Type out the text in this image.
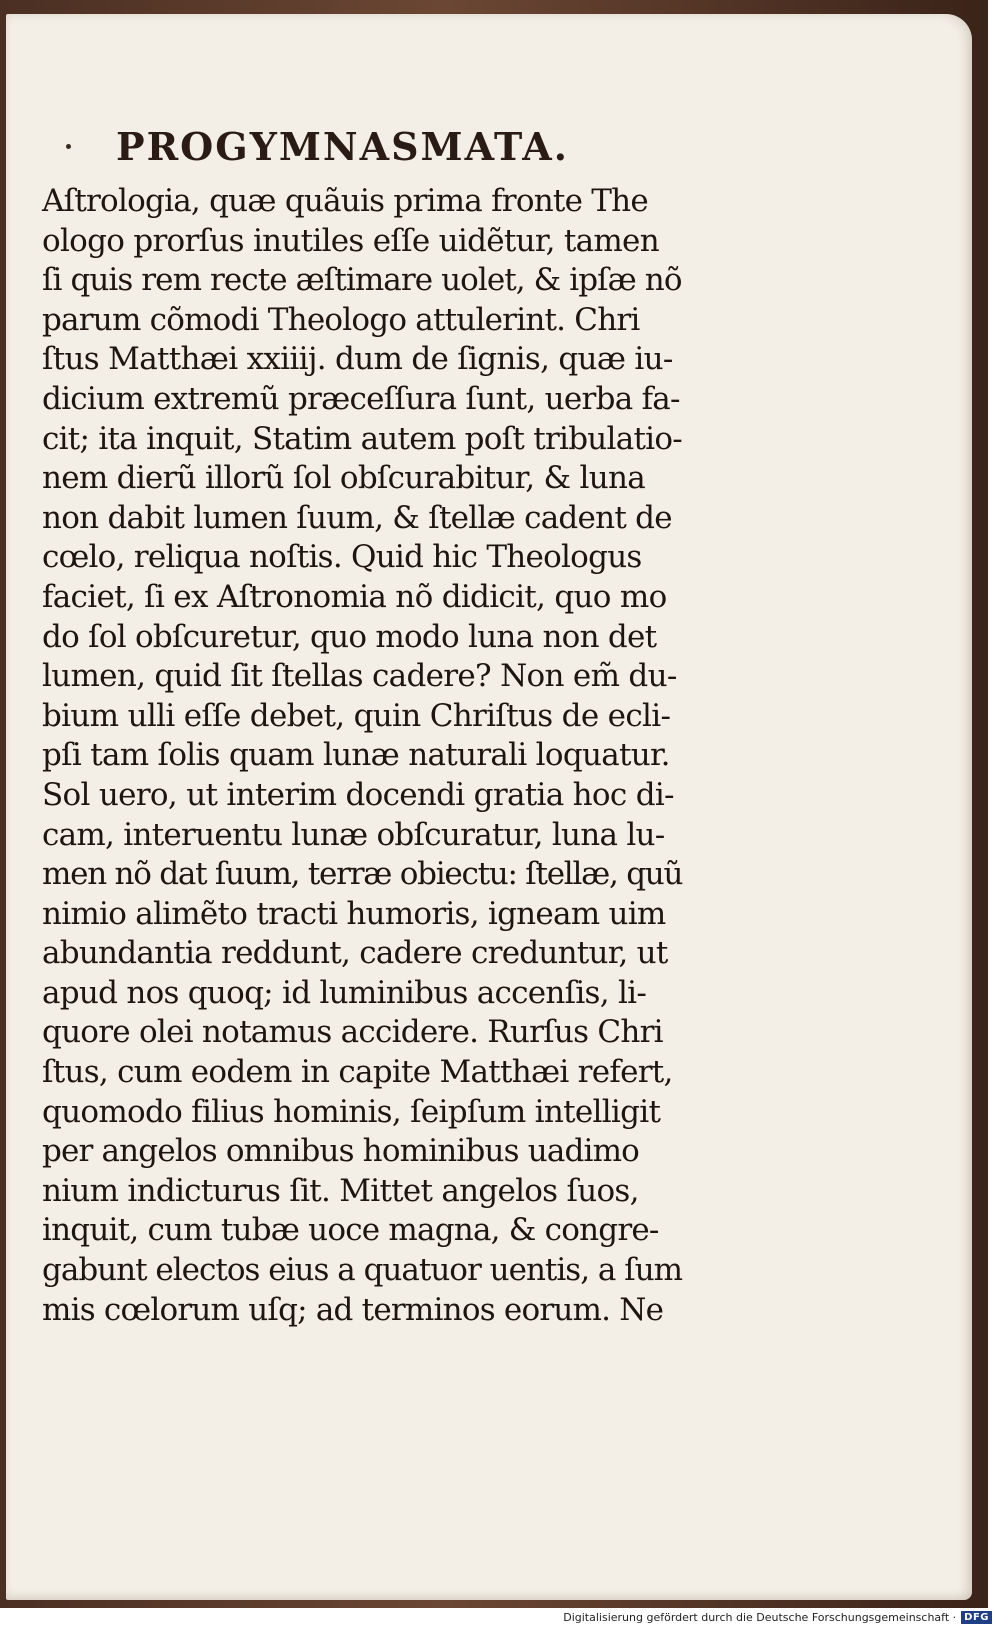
PROGYMNASMATA.
Aſtrologia, quæ quãuis prima fronte The
ologo prorſus inutiles eſſe uidẽtur, tamen
ſi quis rem recte æſtimare uolet, & ipſæ nõ
parum cõmodi Theologo attulerint. Chri
ſtus Matthæi xxiiij. dum de ſignis, quæ iu-
dicium extremũ præceſſura ſunt, uerba fa-
cit; ita inquit, Statim autem poſt tribulatio-
nem dierũ illorũ ſol obſcurabitur, & luna
non dabit lumen ſuum, & ſtellæ cadent de
cœlo, reliqua noſtis. Quid hic Theologus
faciet, ſi ex Aſtronomia nõ didicit, quo mo
do ſol obſcuretur, quo modo luna non det
lumen, quid ſit ſtellas cadere? Non em̃ du-
bium ulli eſſe debet, quin Chriſtus de ecli-
pſi tam ſolis quam lunæ naturali loquatur.
Sol uero, ut interim docendi gratia hoc di-
cam, interuentu lunæ obſcuratur, luna lu-
men nõ dat ſuum, terræ obiectu: ſtellæ, quũ
nimio alimẽto tracti humoris, igneam uim
abundantia reddunt, cadere creduntur, ut
apud nos quoq; id luminibus accenſis, li-
quore olei notamus accidere. Rurſus Chri
ſtus, cum eodem in capite Matthæi refert,
quomodo filius hominis, ſeipſum intelligit
per angelos omnibus hominibus uadimo
nium indicturus ſit. Mittet angelos ſuos,
inquit, cum tubæ uoce magna, & congre-
gabunt electos eius a quatuor uentis, a ſum
mis cœlorum uſq; ad terminos eorum. Ne
Digitalisierung gefördert durch die Deutsche Forschungsgemeinschaft · DFG
